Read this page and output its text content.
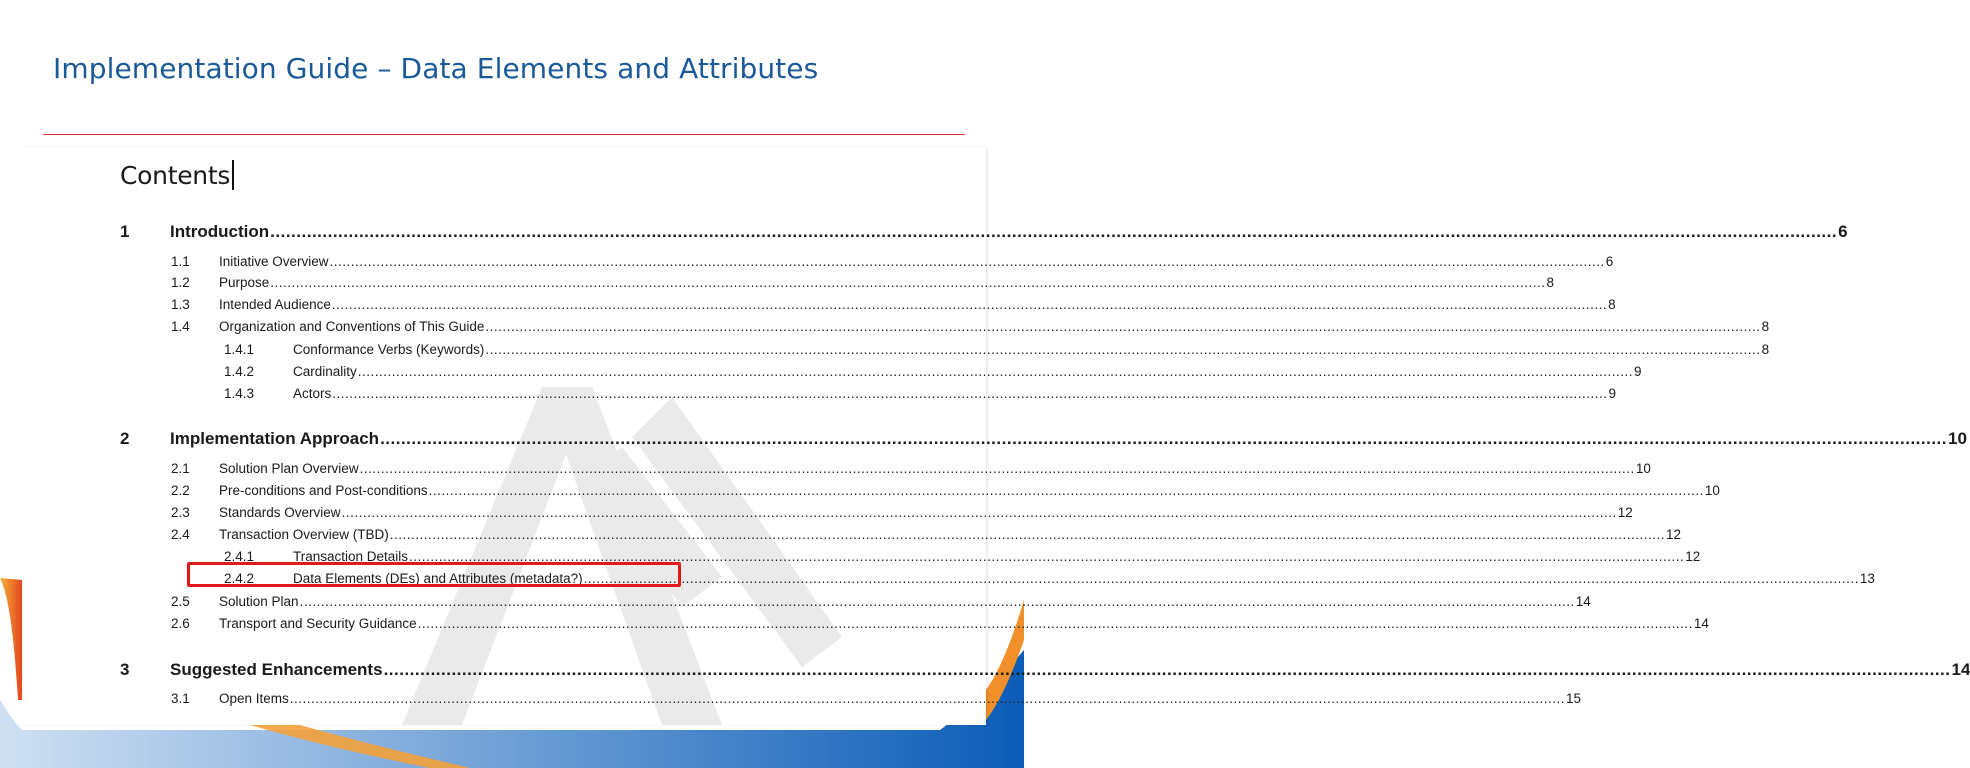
Implementation Guide – Data Elements and Attributes
Contents
1	Introduction ............................................................................................................................................................................................................................................................................................................ 6
1.1	Initiative Overview ............................................................................................................................................................................................................................................................................................................ 6
1.2	Purpose ............................................................................................................................................................................................................................................................................................................ 8
1.3	Intended Audience ............................................................................................................................................................................................................................................................................................................ 8
1.4	Organization and Conventions of This Guide ............................................................................................................................................................................................................................................................................................................ 8
1.4.1	Conformance Verbs (Keywords) ............................................................................................................................................................................................................................................................................................................ 8
1.4.2	Cardinality ............................................................................................................................................................................................................................................................................................................ 9
1.4.3	Actors ............................................................................................................................................................................................................................................................................................................ 9
2	Implementation Approach ............................................................................................................................................................................................................................................................................................................ 10
2.1	Solution Plan Overview ............................................................................................................................................................................................................................................................................................................ 10
2.2	Pre-conditions and Post-conditions ............................................................................................................................................................................................................................................................................................................ 10
2.3	Standards Overview ............................................................................................................................................................................................................................................................................................................ 12
2.4	Transaction Overview (TBD) ............................................................................................................................................................................................................................................................................................................ 12
2.4.1	Transaction Details ............................................................................................................................................................................................................................................................................................................ 12
2.4.2	Data Elements (DEs) and Attributes (metadata?) ............................................................................................................................................................................................................................................................................................................ 13
2.5	Solution Plan ............................................................................................................................................................................................................................................................................................................ 14
2.6	Transport and Security Guidance ............................................................................................................................................................................................................................................................................................................ 14
3	Suggested Enhancements ............................................................................................................................................................................................................................................................................................................ 14
3.1	Open Items ............................................................................................................................................................................................................................................................................................................ 15
